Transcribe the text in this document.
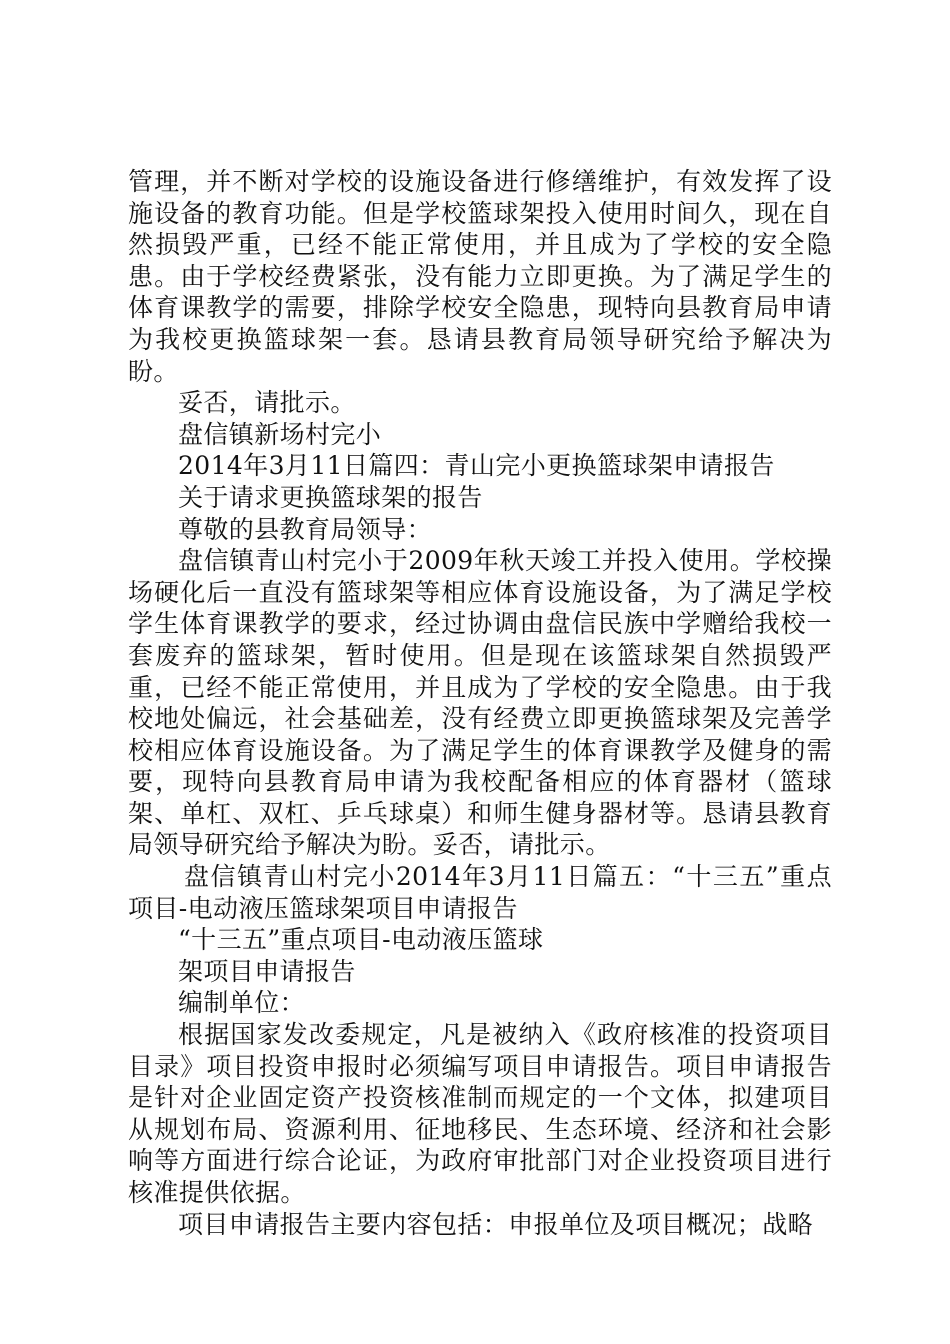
管理，并不断对学校的设施设备进行修缮维护，有效发挥了设施设备的教育功能。但是学校篮球架投入使用时间久，现在自然损毁严重，已经不能正常使用，并且成为了学校的安全隐患。由于学校经费紧张，没有能力立即更换。为了满足学生的体育课教学的需要，排除学校安全隐患，现特向县教育局申请为我校更换篮球架一套。恳请县教育局领导研究给予解决为盼。

妥否，请批示。

盘信镇新场村完小

2014年3月11日篇四：青山完小更换篮球架申请报告

关于请求更换篮球架的报告

尊敬的县教育局领导：

盘信镇青山村完小于2009年秋天竣工并投入使用。学校操场硬化后一直没有篮球架等相应体育设施设备，为了满足学校学生体育课教学的要求，经过协调由盘信民族中学赠给我校一套废弃的篮球架，暂时使用。但是现在该篮球架自然损毁严重，已经不能正常使用，并且成为了学校的安全隐患。由于我校地处偏远，社会基础差，没有经费立即更换篮球架及完善学校相应体育设施设备。为了满足学生的体育课教学及健身的需要，现特向县教育局申请为我校配备相应的体育器材（篮球架、单杠、双杠、乒乓球桌）和师生健身器材等。恳请县教育局领导研究给予解决为盼。妥否，请批示。

盘信镇青山村完小2014年3月11日篇五：“十三五”重点项目-电动液压篮球架项目申请报告

“十三五”重点项目-电动液压篮球

架项目申请报告

编制单位：

根据国家发改委规定，凡是被纳入《政府核准的投资项目目录》项目投资申报时必须编写项目申请报告。项目申请报告是针对企业固定资产投资核准制而规定的一个文体，拟建项目从规划布局、资源利用、征地移民、生态环境、经济和社会影响等方面进行综合论证，为政府审批部门对企业投资项目进行核准提供依据。

项目申请报告主要内容包括：申报单位及项目概况；战略
